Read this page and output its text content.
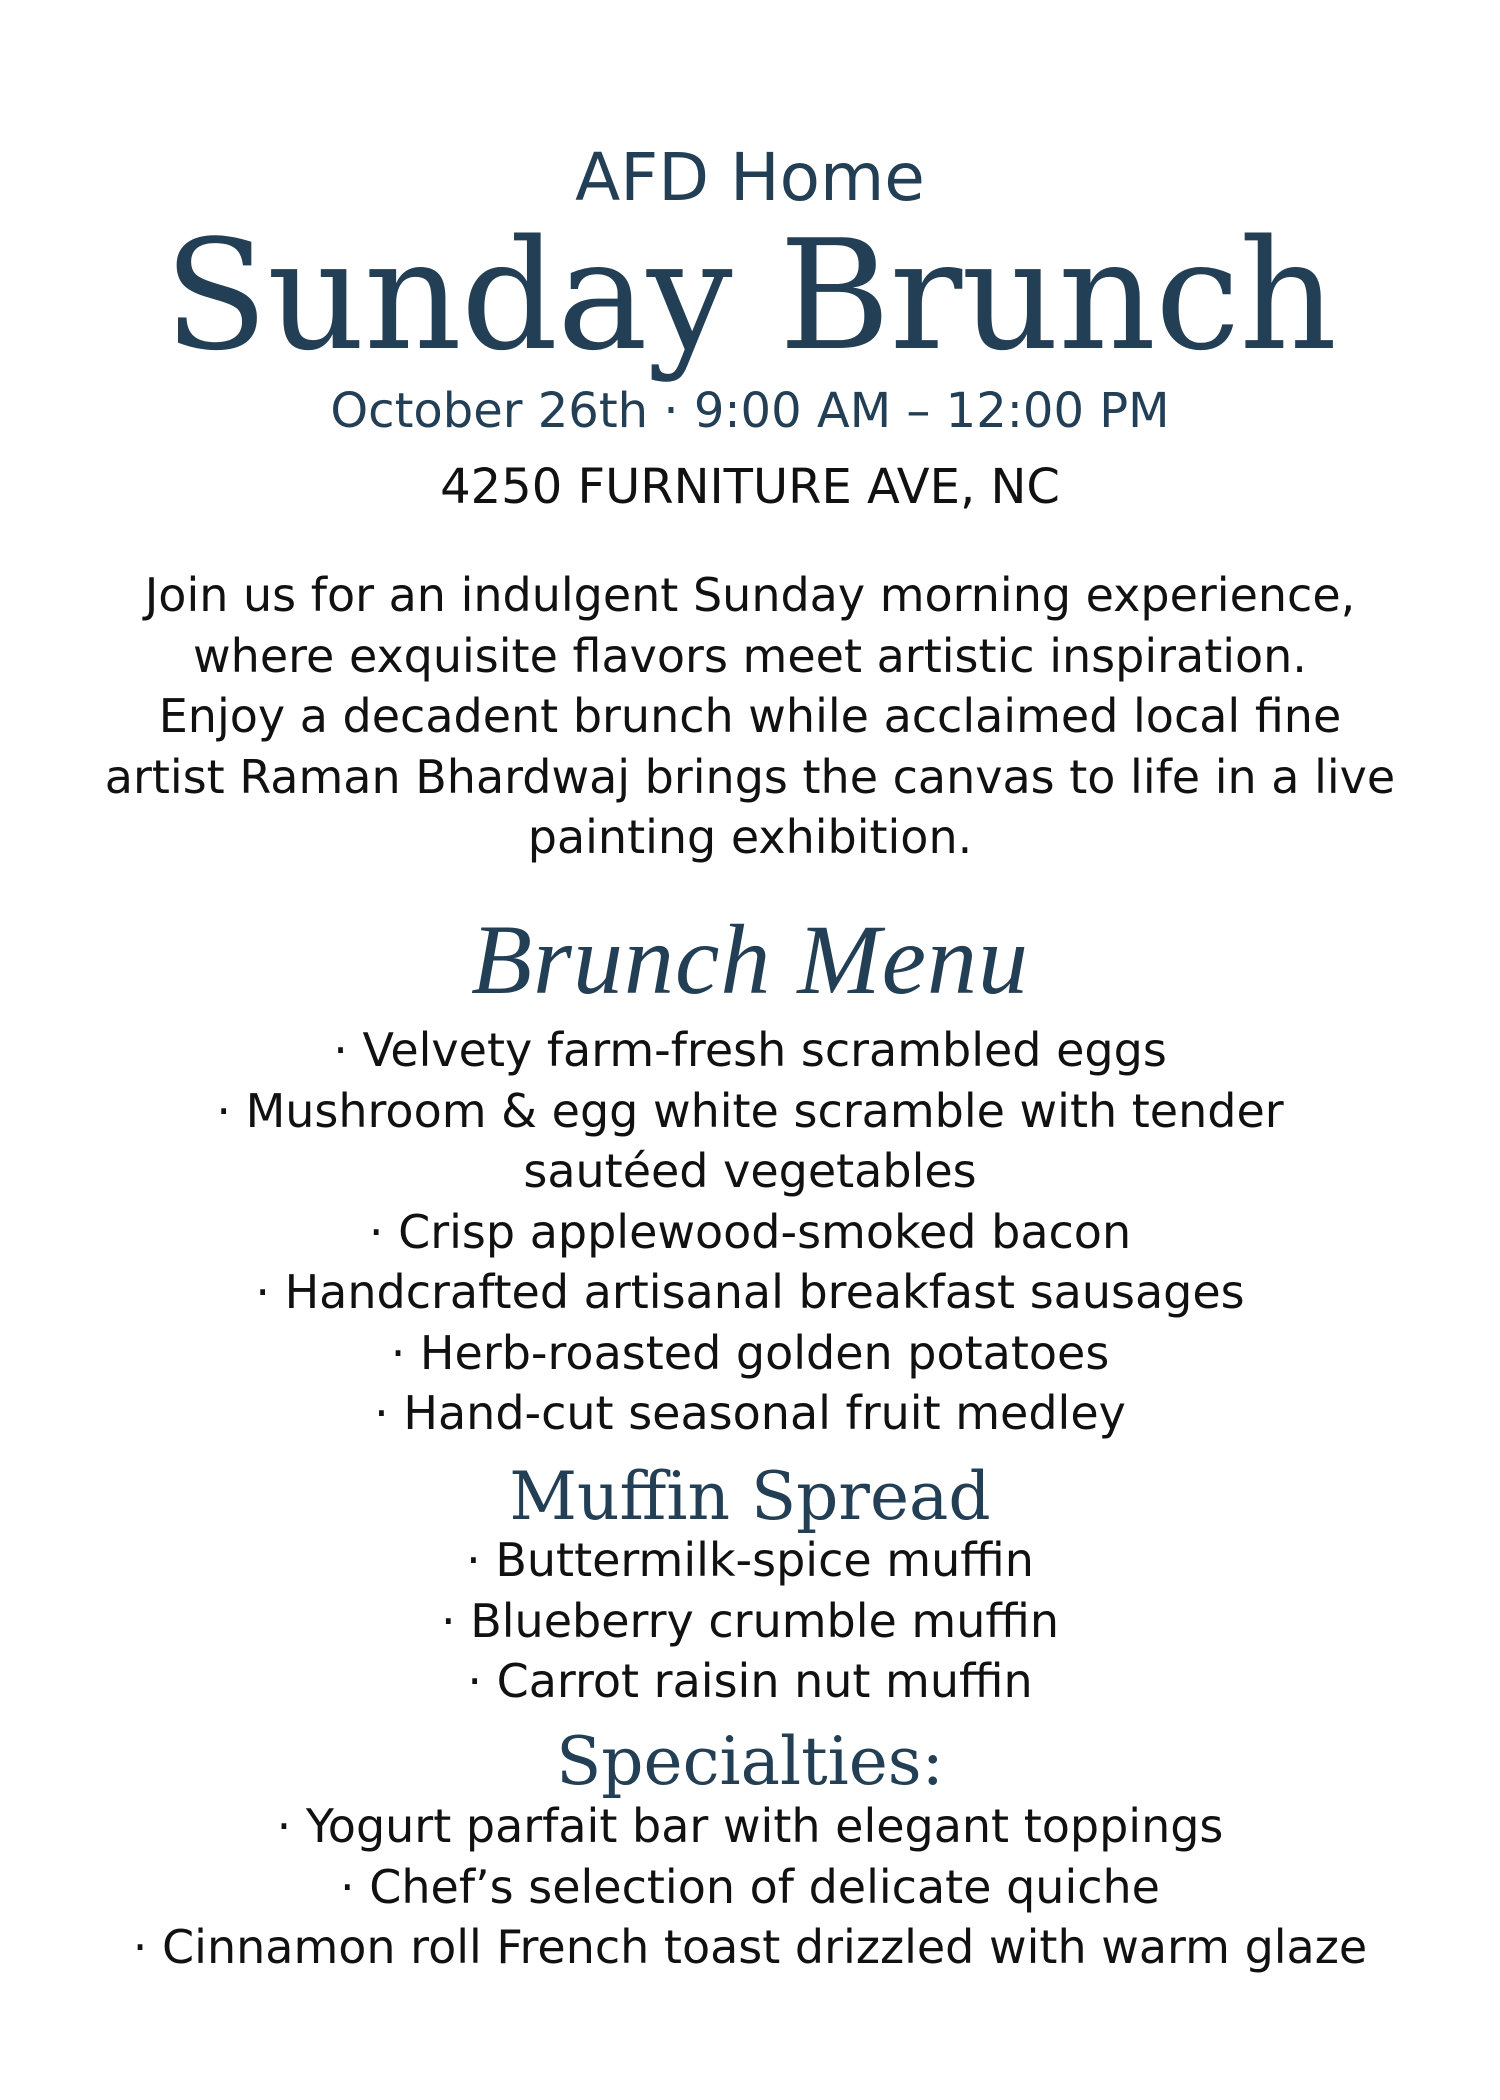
AFD Home
Sunday Brunch
October 26th · 9:00 AM – 12:00 PM
4250 FURNITURE AVE, NC
Join us for an indulgent Sunday morning experience,
where exquisite flavors meet artistic inspiration.
Enjoy a decadent brunch while acclaimed local fine
artist Raman Bhardwaj brings the canvas to life in a live
painting exhibition.
Brunch Menu
· Velvety farm-fresh scrambled eggs
· Mushroom & egg white scramble with tender
sautéed vegetables
· Crisp applewood-smoked bacon
· Handcrafted artisanal breakfast sausages
· Herb-roasted golden potatoes
· Hand-cut seasonal fruit medley
Muffin Spread
· Buttermilk-spice muffin
· Blueberry crumble muffin
· Carrot raisin nut muffin
Specialties:
· Yogurt parfait bar with elegant toppings
· Chef’s selection of delicate quiche
· Cinnamon roll French toast drizzled with warm glaze
